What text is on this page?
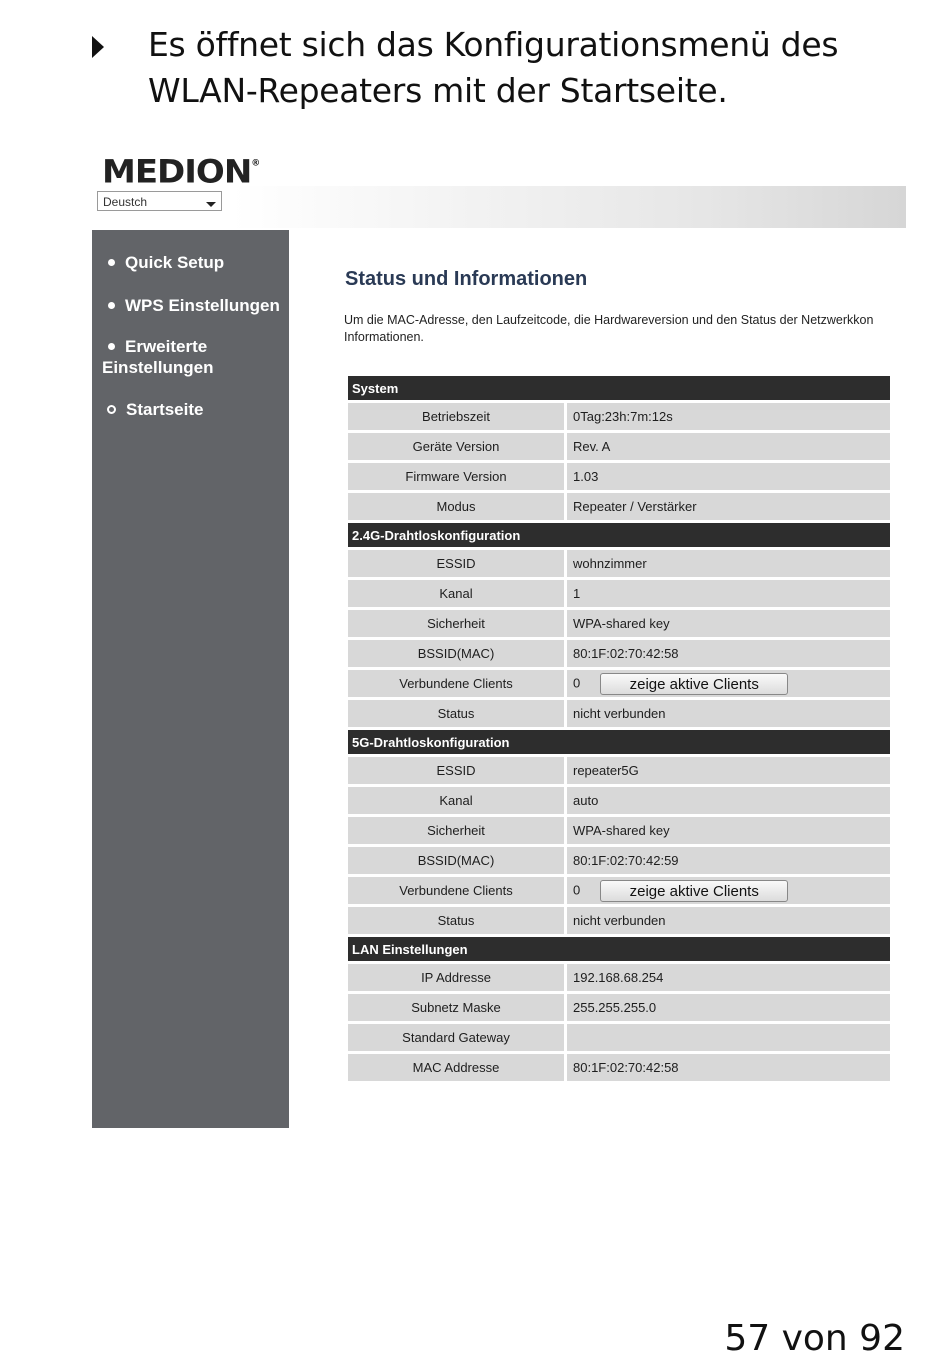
Es öffnet sich das Konfigurationsmenü des
WLAN-Repeaters mit der Startseite.
MEDION®
Deustch
Quick Setup
WPS Einstellungen
Erweiterte
Einstellungen
Startseite
Status und Informationen
Um die MAC-Adresse, den Laufzeitcode, die Hardwareversion und den Status der Netzwerkkon
Informationen.
System	
Betriebszeit	0Tag:23h:7m:12s
Geräte Version	Rev. A
Firmware Version	1.03
Modus	Repeater / Verstärker
2.4G-Drahtloskonfiguration	
ESSID	wohnzimmer
Kanal	1
Sicherheit	WPA-shared key
BSSID(MAC)	80:1F:02:70:42:58
Verbundene Clients	0 zeige aktive Clients
Status	nicht verbunden
5G-Drahtloskonfiguration	
ESSID	repeater5G
Kanal	auto
Sicherheit	WPA-shared key
BSSID(MAC)	80:1F:02:70:42:59
Verbundene Clients	0 zeige aktive Clients
Status	nicht verbunden
LAN Einstellungen	
IP Addresse	192.168.68.254
Subnetz Maske	255.255.255.0
Standard Gateway	
MAC Addresse	80:1F:02:70:42:58
57 von 92
